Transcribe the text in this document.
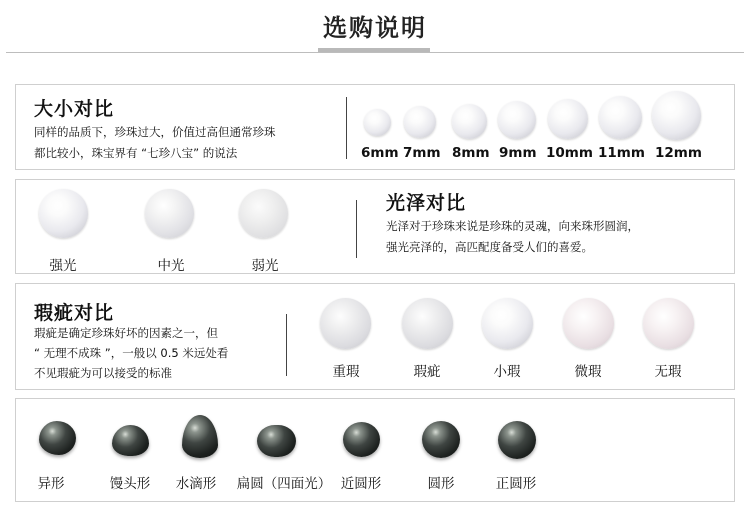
选购说明
大小对比
同样的品质下，珍珠过大，价值过高但通常珍珠
都比较小，珠宝界有 “七珍八宝” 的说法	6mm 7mm 8mm 9mm 10mm 11mm 12mm
强光	中光	弱光
光泽对比
光泽对于珍珠来说是珍珠的灵魂，向来珠形圆润，
强光亮泽的，高匹配度备受人们的喜爱。
瑕疵对比
瑕疵是确定珍珠好坏的因素之一，但
“ 无理不成珠 ”，一般以 0.5 米远处看
不见瑕疵为可以接受的标准	重瑕	瑕疵	小瑕	微瑕	无瑕
异形	馒头形	水滴形	扁圆（四面光） 近圆形	圆形	正圆形
